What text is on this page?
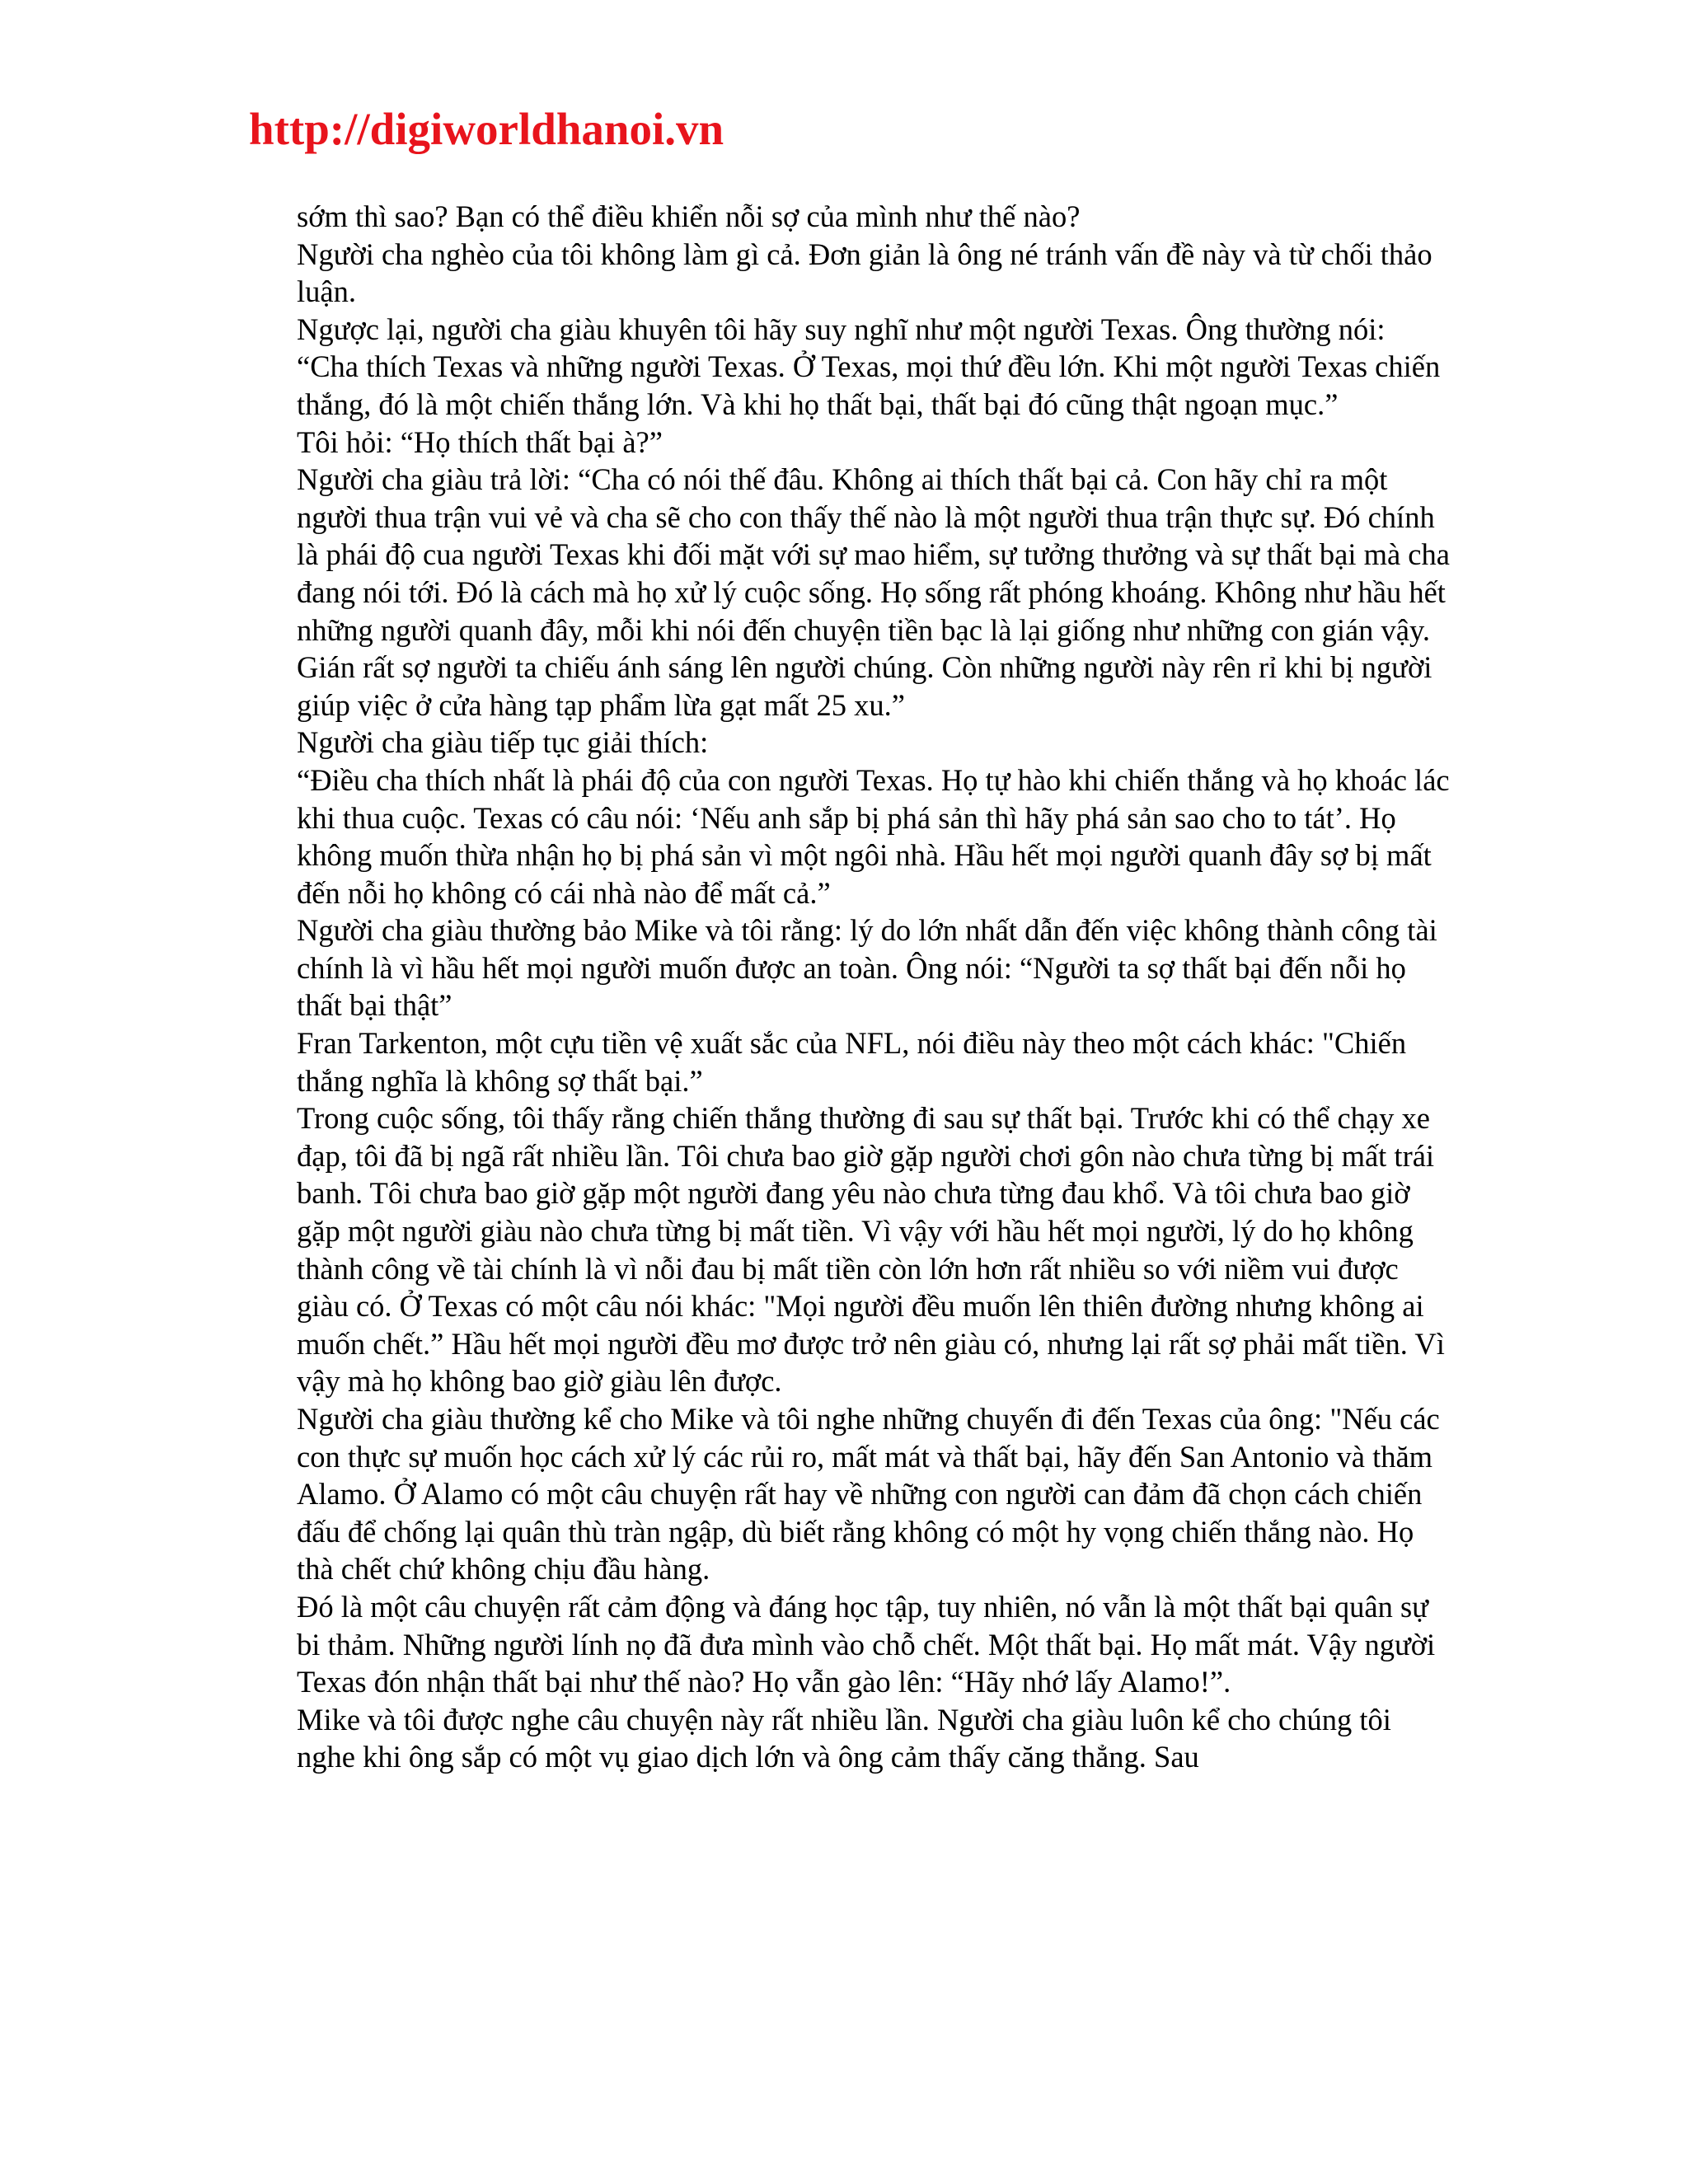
http://digiworldhanoi.vn

sớm thì sao? Bạn có thể điều khiển nỗi sợ của mình như thế nào?

Người cha nghèo của tôi không làm gì cả. Đơn giản là ông né tránh vấn đề này và từ chối thảo luận.

Ngược lại, người cha giàu khuyên tôi hãy suy nghĩ như một người Texas. Ông thường nói: “Cha thích Texas và những người Texas. Ở Texas, mọi thứ đều lớn. Khi một người Texas chiến thắng, đó là một chiến thắng lớn. Và khi họ thất bại, thất bại đó cũng thật ngoạn mục.”

Tôi hỏi: “Họ thích thất bại à?”

Người cha giàu trả lời: “Cha có nói thế đâu. Không ai thích thất bại cả. Con hãy chỉ ra một người thua trận vui vẻ và cha sẽ cho con thấy thế nào là một người thua trận thực sự. Đó chính là phái độ cua người Texas khi đối mặt với sự mao hiểm, sự tưởng thưởng và sự thất bại mà cha đang nói tới. Đó là cách mà họ xử lý cuộc sống. Họ sống rất phóng khoáng. Không như hầu hết những người quanh đây, mỗi khi nói đến chuyện tiền bạc là lại giống như những con gián vậy. Gián rất sợ người ta chiếu ánh sáng lên người chúng. Còn những người này rên rỉ khi bị người giúp việc ở cửa hàng tạp phẩm lừa gạt mất 25 xu.”

Người cha giàu tiếp tục giải thích:

“Điều cha thích nhất là phái độ của con người Texas. Họ tự hào khi chiến thắng và họ khoác lác khi thua cuộc. Texas có câu nói: ‘Nếu anh sắp bị phá sản thì hãy phá sản sao cho to tát’. Họ không muốn thừa nhận họ bị phá sản vì một ngôi nhà. Hầu hết mọi người quanh đây sợ bị mất đến nỗi họ không có cái nhà nào để mất cả.”

Người cha giàu thường bảo Mike và tôi rằng: lý do lớn nhất dẫn đến việc không thành công tài chính là vì hầu hết mọi người muốn được an toàn. Ông nói: “Người ta sợ thất bại đến nỗi họ thất bại thật”

Fran Tarkenton, một cựu tiền vệ xuất sắc của NFL, nói điều này theo một cách khác: "Chiến thắng nghĩa là không sợ thất bại.”

Trong cuộc sống, tôi thấy rằng chiến thắng thường đi sau sự thất bại. Trước khi có thể chạy xe đạp, tôi đã bị ngã rất nhiều lần. Tôi chưa bao giờ gặp người chơi gôn nào chưa từng bị mất trái banh. Tôi chưa bao giờ gặp một người đang yêu nào chưa từng đau khổ. Và tôi chưa bao giờ gặp một người giàu nào chưa từng bị mất tiền. Vì vậy với hầu hết mọi người, lý do họ không thành công về tài chính là vì nỗi đau bị mất tiền còn lớn hơn rất nhiều so với niềm vui được giàu có. Ở Texas có một câu nói khác: "Mọi người đều muốn lên thiên đường nhưng không ai muốn chết.” Hầu hết mọi người đều mơ được trở nên giàu có, nhưng lại rất sợ phải mất tiền. Vì vậy mà họ không bao giờ giàu lên được.

Người cha giàu thường kể cho Mike và tôi nghe những chuyến đi đến Texas của ông: "Nếu các con thực sự muốn học cách xử lý các rủi ro, mất mát và thất bại, hãy đến San Antonio và thăm Alamo. Ở Alamo có một câu chuyện rất hay về những con người can đảm đã chọn cách chiến đấu để chống lại quân thù tràn ngập, dù biết rằng không có một hy vọng chiến thắng nào. Họ thà chết chứ không chịu đầu hàng.

Đó là một câu chuyện rất cảm động và đáng học tập, tuy nhiên, nó vẫn là một thất bại quân sự bi thảm. Những người lính nọ đã đưa mình vào chỗ chết. Một thất bại. Họ mất mát. Vậy người Texas đón nhận thất bại như thế nào? Họ vẫn gào lên: “Hãy nhớ lấy Alamo!”.

Mike và tôi được nghe câu chuyện này rất nhiều lần. Người cha giàu luôn kể cho chúng tôi nghe khi ông sắp có một vụ giao dịch lớn và ông cảm thấy căng thẳng. Sau
